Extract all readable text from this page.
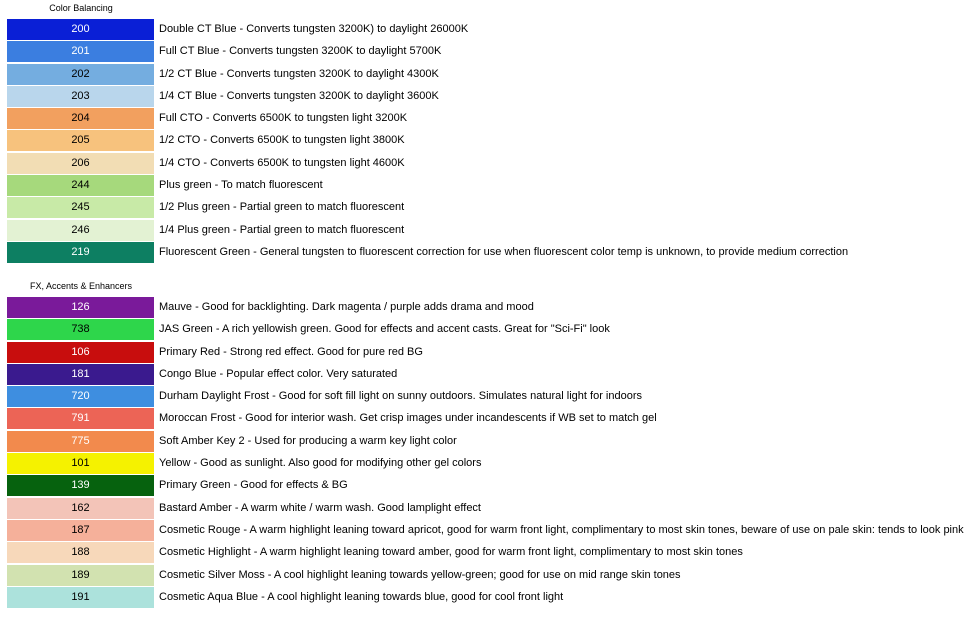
Color Balancing
200	Double CT Blue - Converts tungsten 3200K) to daylight 26000K
201	Full CT Blue - Converts tungsten 3200K to daylight 5700K
202	1/2 CT Blue - Converts tungsten 3200K to daylight 4300K
203	1/4 CT Blue - Converts tungsten 3200K to daylight 3600K
204	Full CTO - Converts 6500K to tungsten light 3200K
205	1/2 CTO - Converts 6500K to tungsten light 3800K
206	1/4 CTO - Converts 6500K to tungsten light 4600K
244	Plus green - To match fluorescent
245	1/2 Plus green - Partial green to match fluorescent
246	1/4 Plus green - Partial green to match fluorescent
219	Fluorescent Green - General tungsten to fluorescent correction for use when fluorescent color temp is unknown, to provide medium correction
FX, Accents & Enhancers
126	Mauve - Good for backlighting. Dark magenta / purple adds drama and mood
738	JAS Green - A rich yellowish green. Good for effects and accent casts. Great for "Sci-Fi" look
106	Primary Red - Strong red effect. Good for pure red BG
181	Congo Blue - Popular effect color. Very saturated
720	Durham Daylight Frost - Good for soft fill light on sunny outdoors. Simulates natural light for indoors
791	Moroccan Frost - Good for interior wash. Get crisp images under incandescents if WB set to match gel
775	Soft Amber Key 2 - Used for producing a warm key light color
101	Yellow - Good as sunlight. Also good for modifying other gel colors
139	Primary Green - Good for effects & BG
162	Bastard Amber - A warm white / warm wash. Good lamplight effect
187	Cosmetic Rouge - A warm highlight leaning toward apricot, good for warm front light, complimentary to most skin tones, beware of use on pale skin: tends to look pink
188	Cosmetic Highlight - A warm highlight leaning toward amber, good for warm front light, complimentary to most skin tones
189	Cosmetic Silver Moss - A cool highlight leaning towards yellow-green; good for use on mid range skin tones
191	Cosmetic Aqua Blue - A cool highlight leaning towards blue, good for cool front light
